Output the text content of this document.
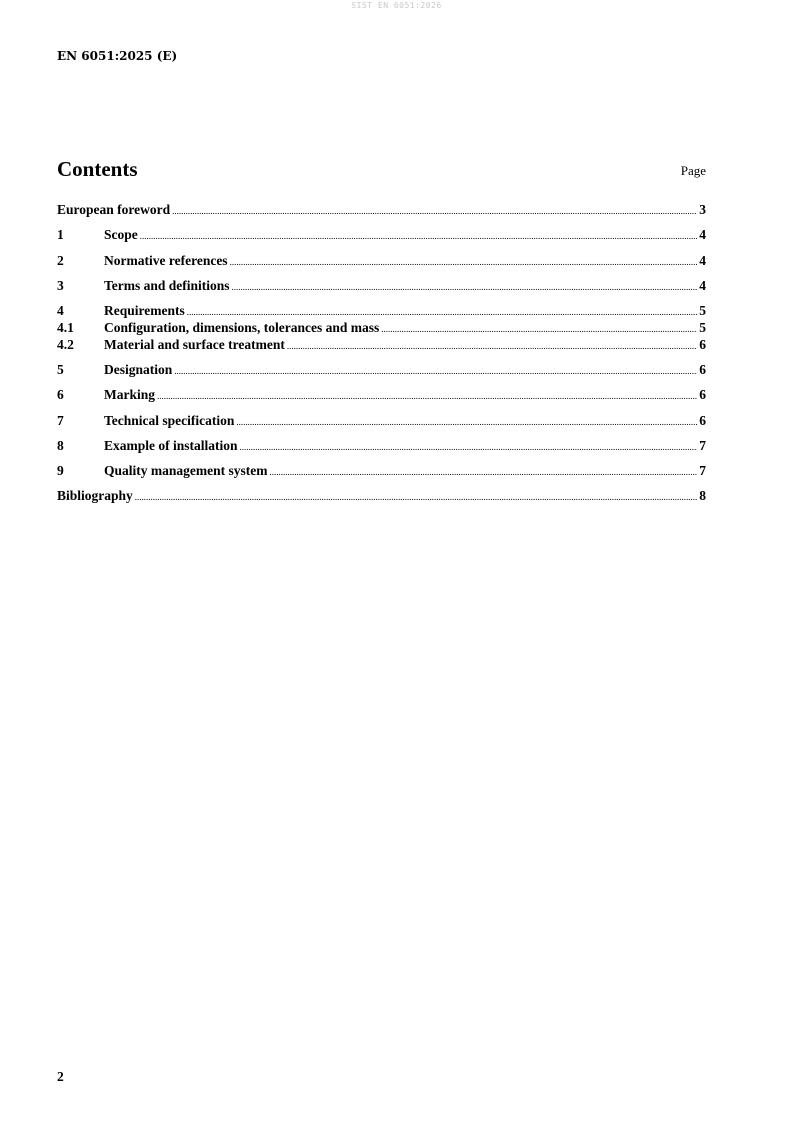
SIST EN 6051:2026
EN 6051:2025 (E)
Contents	Page
European foreword .....	3
1	Scope .....	4
2	Normative references .....	4
3	Terms and definitions .....	4
4	Requirements .....	5
4.1	Configuration, dimensions, tolerances and mass .....	5
4.2	Material and surface treatment .....	6
5	Designation .....	6
6	Marking .....	6
7	Technical specification .....	6
8	Example of installation .....	7
9	Quality management system .....	7
Bibliography .....	8
2
